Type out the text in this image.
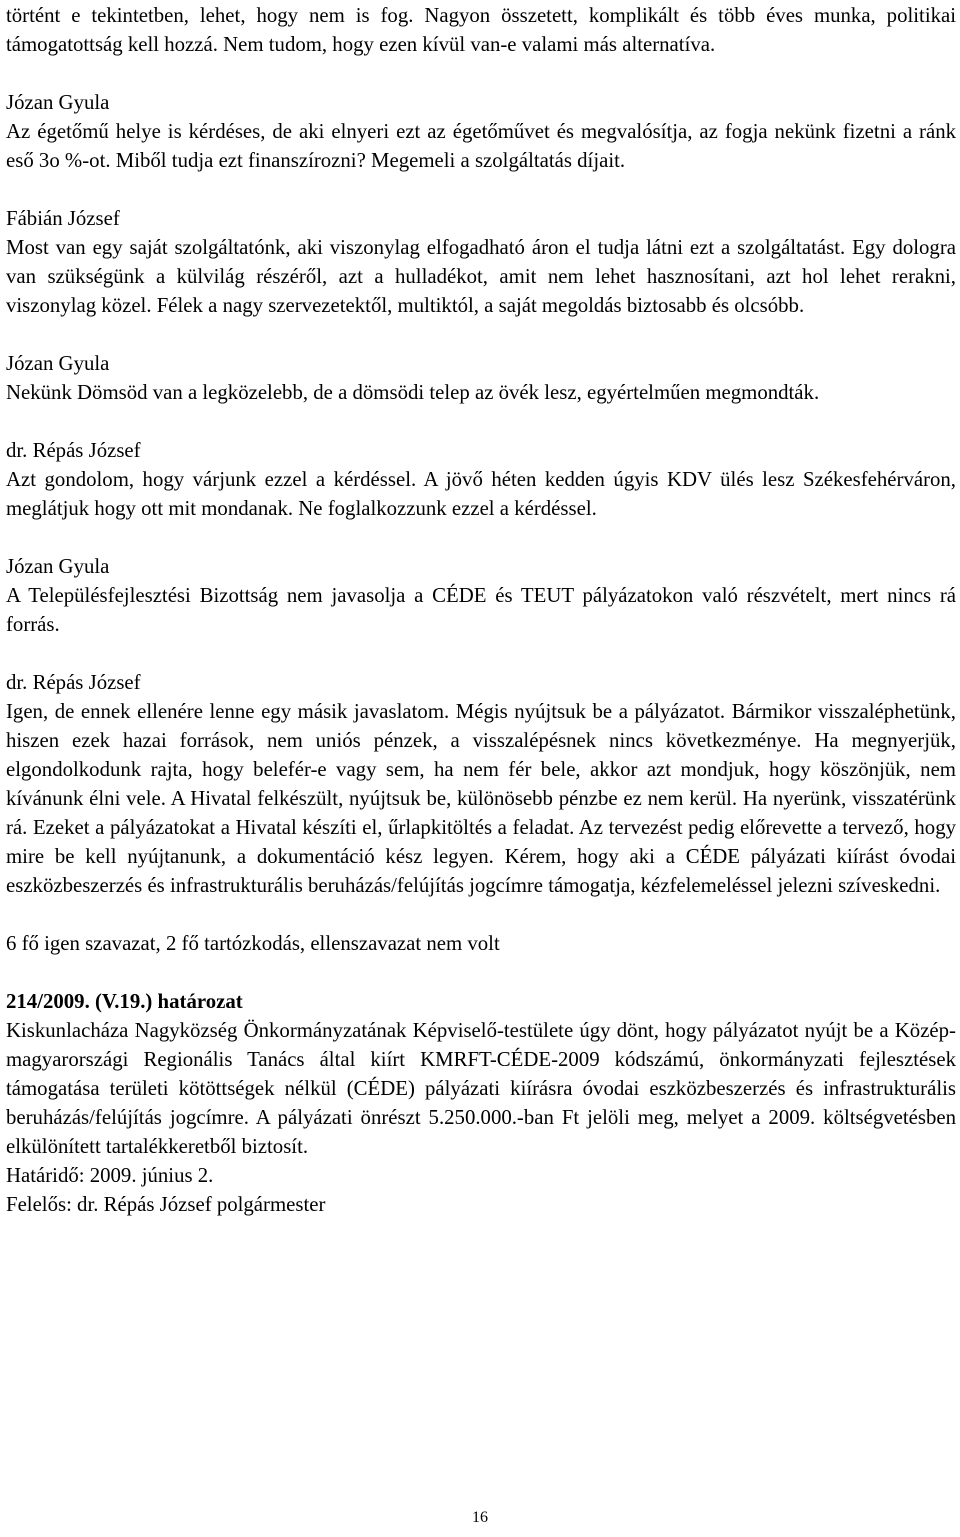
történt e tekintetben, lehet, hogy nem is fog. Nagyon összetett, komplikált és több éves munka, politikai támogatottság kell hozzá. Nem tudom, hogy ezen kívül van-e valami más alternatíva.

Józan Gyula

Az égetőmű helye is kérdéses, de aki elnyeri ezt az égetőművet és megvalósítja, az fogja nekünk fizetni a ránk eső 3o %-ot. Miből tudja ezt finanszírozni? Megemeli a szolgáltatás díjait.

Fábián József

Most van egy saját szolgáltatónk, aki viszonylag elfogadható áron el tudja látni ezt a szolgáltatást. Egy dologra van szükségünk a külvilág részéről, azt a hulladékot, amit nem lehet hasznosítani, azt hol lehet rerakni, viszonylag közel. Félek a nagy szervezetektől, multiktól, a saját megoldás biztosabb és olcsóbb.

Józan Gyula

Nekünk Dömsöd van a legközelebb, de a dömsödi telep az övék lesz, egyértelműen megmondták.

dr. Répás József

Azt gondolom, hogy várjunk ezzel a kérdéssel. A jövő héten kedden úgyis KDV ülés lesz Székesfehérváron, meglátjuk hogy ott mit mondanak. Ne foglalkozzunk ezzel a kérdéssel.

Józan Gyula

A Településfejlesztési Bizottság nem javasolja a CÉDE és TEUT pályázatokon való részvételt, mert nincs rá forrás.

dr. Répás József

Igen, de ennek ellenére lenne egy másik javaslatom. Mégis nyújtsuk be a pályázatot. Bármikor visszaléphetünk, hiszen ezek hazai források, nem uniós pénzek, a visszalépésnek nincs következménye. Ha megnyerjük, elgondolkodunk rajta, hogy belefér-e vagy sem, ha nem fér bele, akkor azt mondjuk, hogy köszönjük, nem kívánunk élni vele. A Hivatal felkészült, nyújtsuk be, különösebb pénzbe ez nem kerül. Ha nyerünk, visszatérünk rá. Ezeket a pályázatokat a Hivatal készíti el, űrlapkitöltés a feladat. Az tervezést pedig előrevette a tervező, hogy mire be kell nyújtanunk, a dokumentáció kész legyen. Kérem, hogy aki a CÉDE pályázati kiírást óvodai eszközbeszerzés és infrastrukturális beruházás/felújítás jogcímre támogatja, kézfelemeléssel jelezni szíveskedni.

6 fő igen szavazat, 2 fő tartózkodás, ellenszavazat nem volt

214/2009. (V.19.) határozat

Kiskunlacháza Nagyközség Önkormányzatának Képviselő-testülete úgy dönt, hogy pályázatot nyújt be a Közép-magyarországi Regionális Tanács által kiírt KMRFT-CÉDE-2009 kódszámú, önkormányzati fejlesztések támogatása területi kötöttségek nélkül (CÉDE) pályázati kiírásra óvodai eszközbeszerzés és infrastrukturális beruházás/felújítás jogcímre. A pályázati önrészt 5.250.000.-ban Ft jelöli meg, melyet a 2009. költségvetésben elkülönített tartalékkeretből biztosít.

Határidő: 2009. június 2.

Felelős: dr. Répás József polgármester

16
